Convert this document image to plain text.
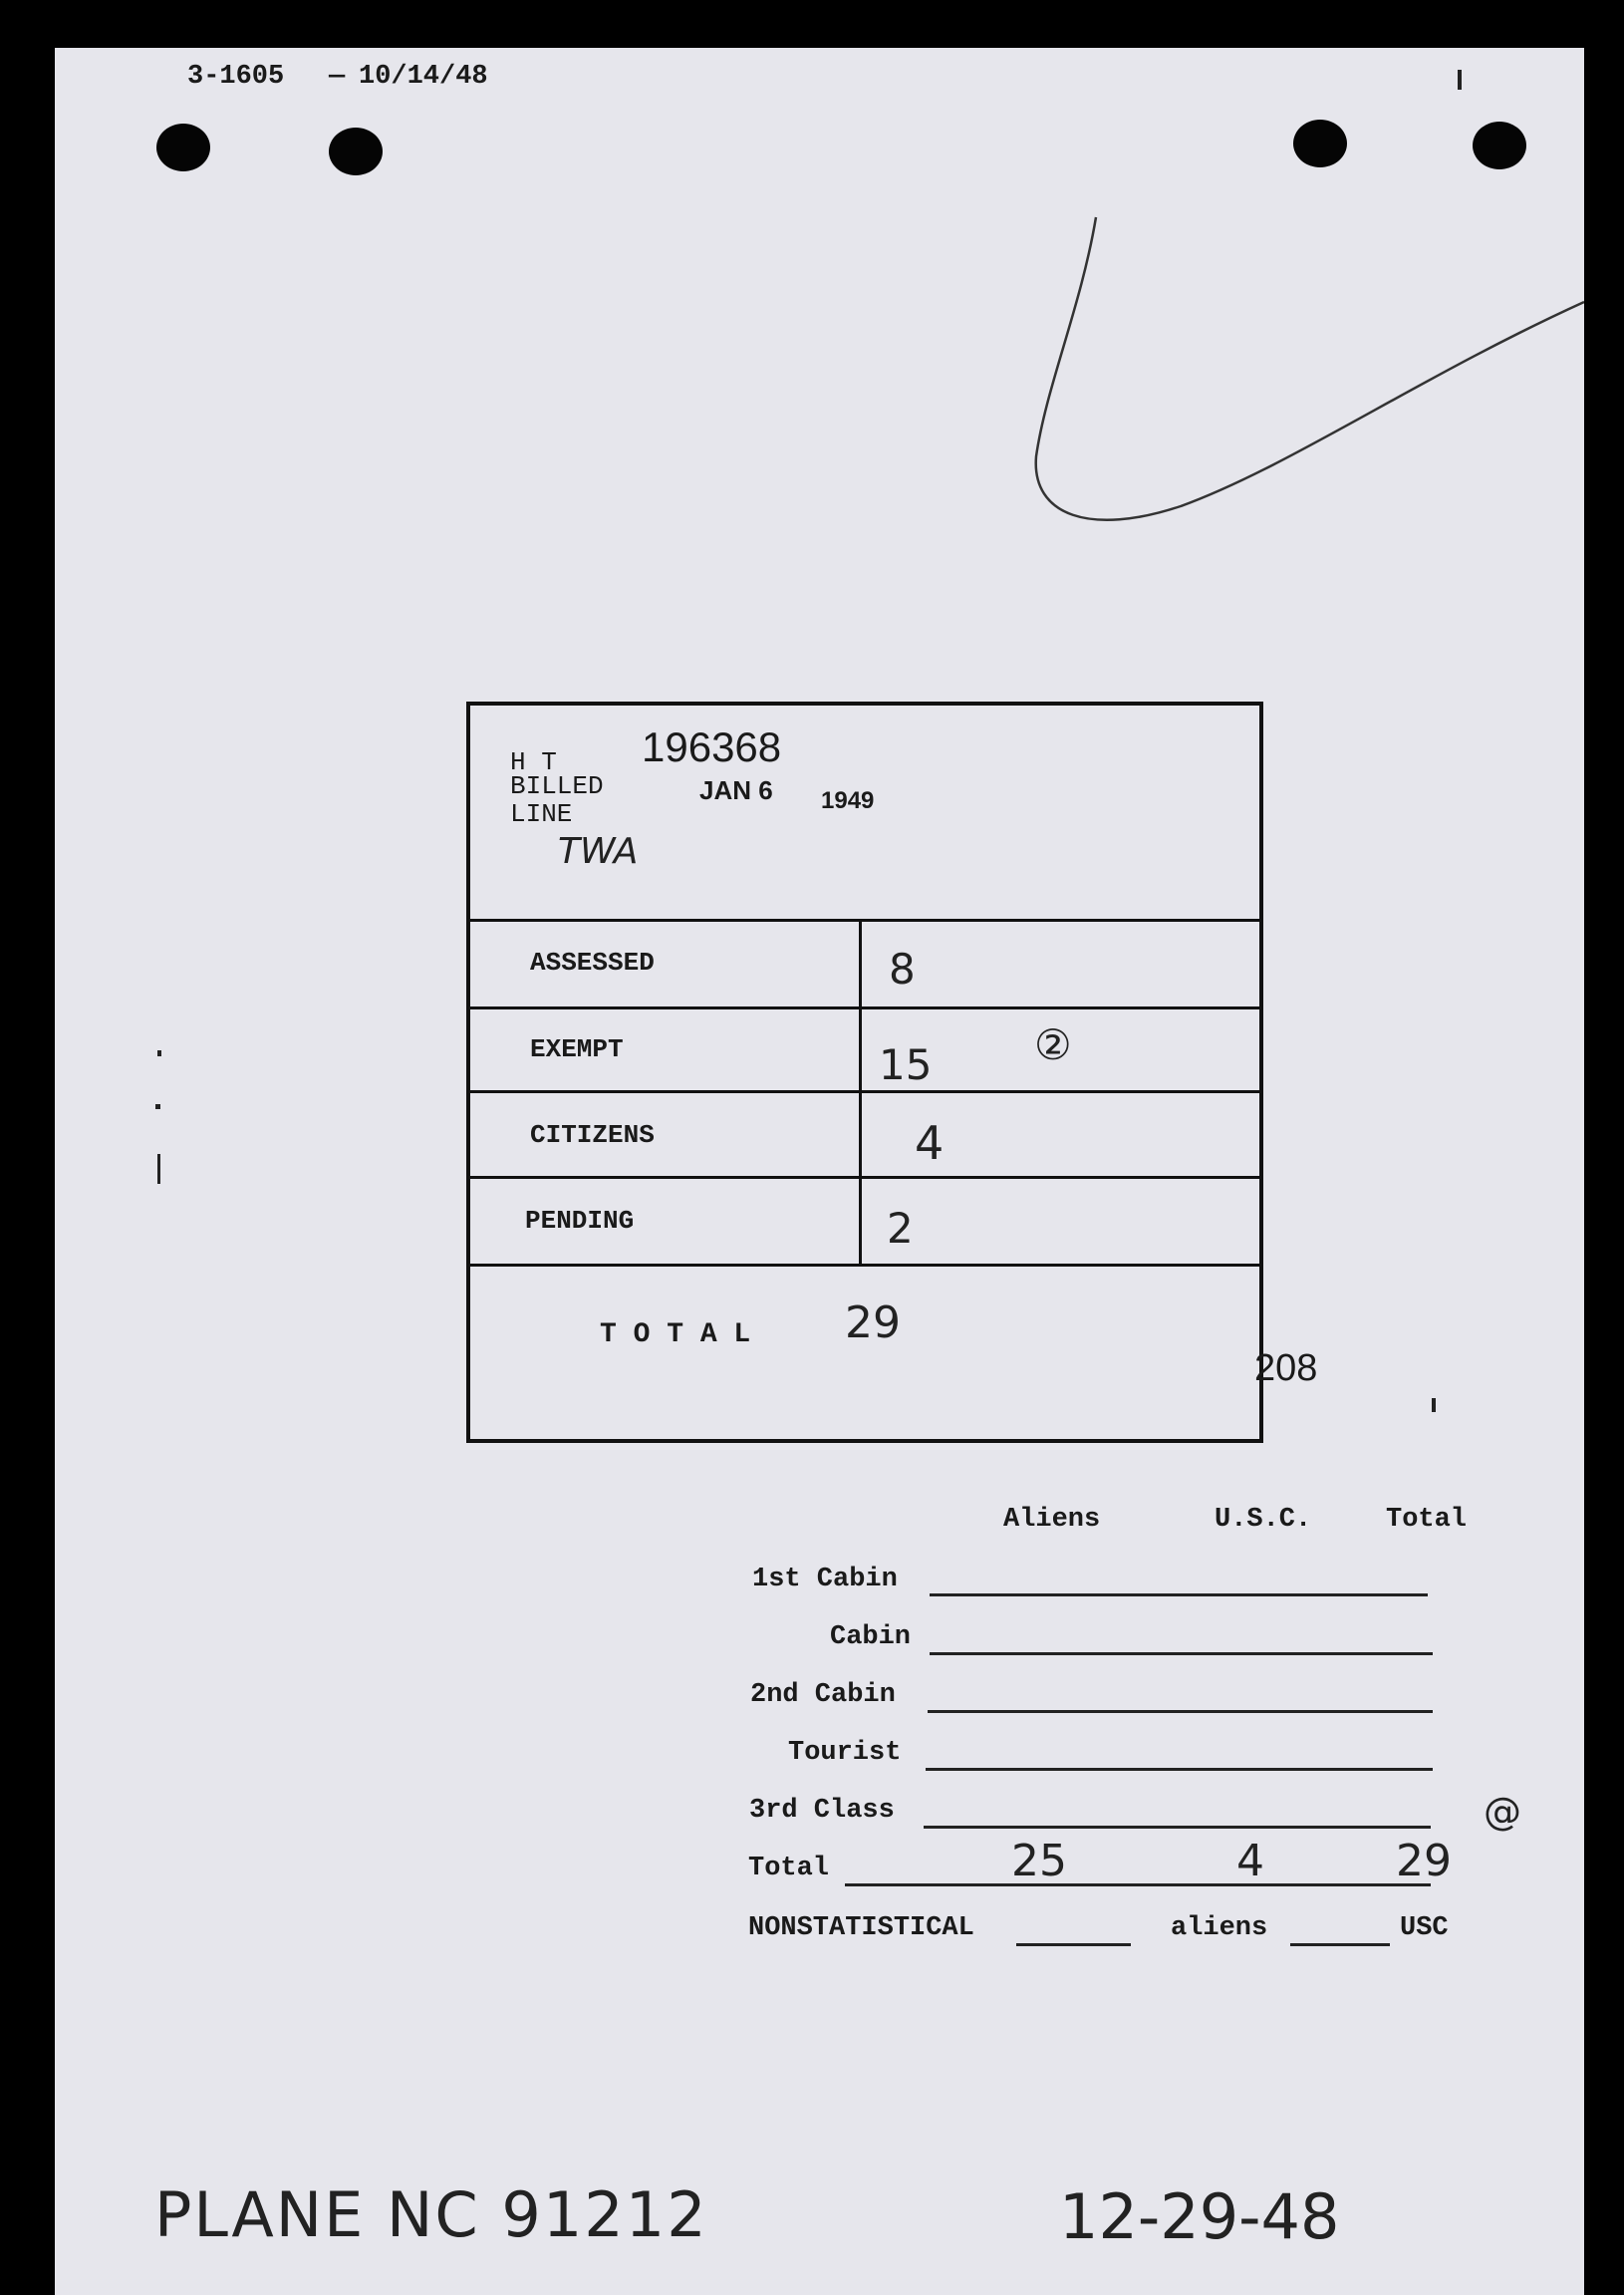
3-1605 — 10/14/48
H T 196368
BILLED	JAN 6 1949
LINE
TWA
ASSESSED	8
EXEMPT	15 ②
CITIZENS	4
PENDING	2
T O T A L 29
208
Aliens	U.S.C.	Total
1st Cabin
Cabin
2nd Cabin
Tourist
3rd Class	@
Total	25	4	29
NONSTATISTICAL	aliens	USC
PLANE NC 91212	12-29-48
